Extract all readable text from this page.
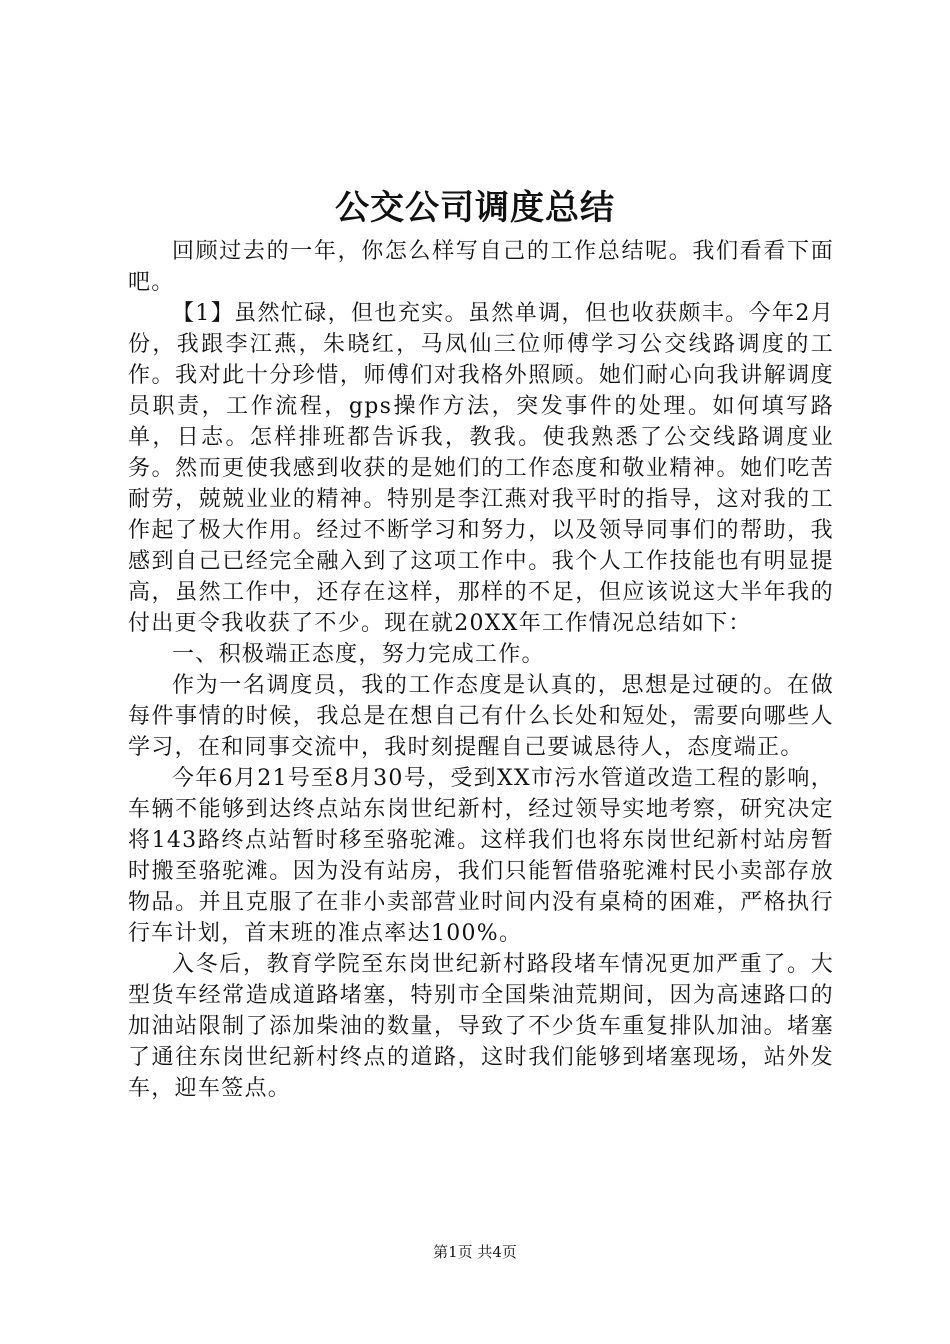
公交公司调度总结

回顾过去的一年，你怎么样写自己的工作总结呢。我们看看下面吧。

【1】虽然忙碌，但也充实。虽然单调，但也收获颇丰。今年2月份，我跟李江燕，朱晓红，马凤仙三位师傅学习公交线路调度的工作。我对此十分珍惜，师傅们对我格外照顾。她们耐心向我讲解调度员职责，工作流程，gps操作方法，突发事件的处理。如何填写路单，日志。怎样排班都告诉我，教我。使我熟悉了公交线路调度业务。然而更使我感到收获的是她们的工作态度和敬业精神。她们吃苦耐劳，兢兢业业的精神。特别是李江燕对我平时的指导，这对我的工作起了极大作用。经过不断学习和努力，以及领导同事们的帮助，我感到自己已经完全融入到了这项工作中。我个人工作技能也有明显提高，虽然工作中，还存在这样，那样的不足，但应该说这大半年我的付出更令我收获了不少。现在就20XX年工作情况总结如下：

一、积极端正态度，努力完成工作。

作为一名调度员，我的工作态度是认真的，思想是过硬的。在做每件事情的时候，我总是在想自己有什么长处和短处，需要向哪些人学习，在和同事交流中，我时刻提醒自己要诚恳待人，态度端正。

今年6月21号至8月30号，受到XX市污水管道改造工程的影响，车辆不能够到达终点站东岗世纪新村，经过领导实地考察，研究决定将143路终点站暂时移至骆驼滩。这样我们也将东岗世纪新村站房暂时搬至骆驼滩。因为没有站房，我们只能暂借骆驼滩村民小卖部存放物品。并且克服了在非小卖部营业时间内没有桌椅的困难，严格执行行车计划，首末班的准点率达100%。

入冬后，教育学院至东岗世纪新村路段堵车情况更加严重了。大型货车经常造成道路堵塞，特别市全国柴油荒期间，因为高速路口的加油站限制了添加柴油的数量，导致了不少货车重复排队加油。堵塞了通往东岗世纪新村终点的道路，这时我们能够到堵塞现场，站外发车，迎车签点。

第1页 共4页
